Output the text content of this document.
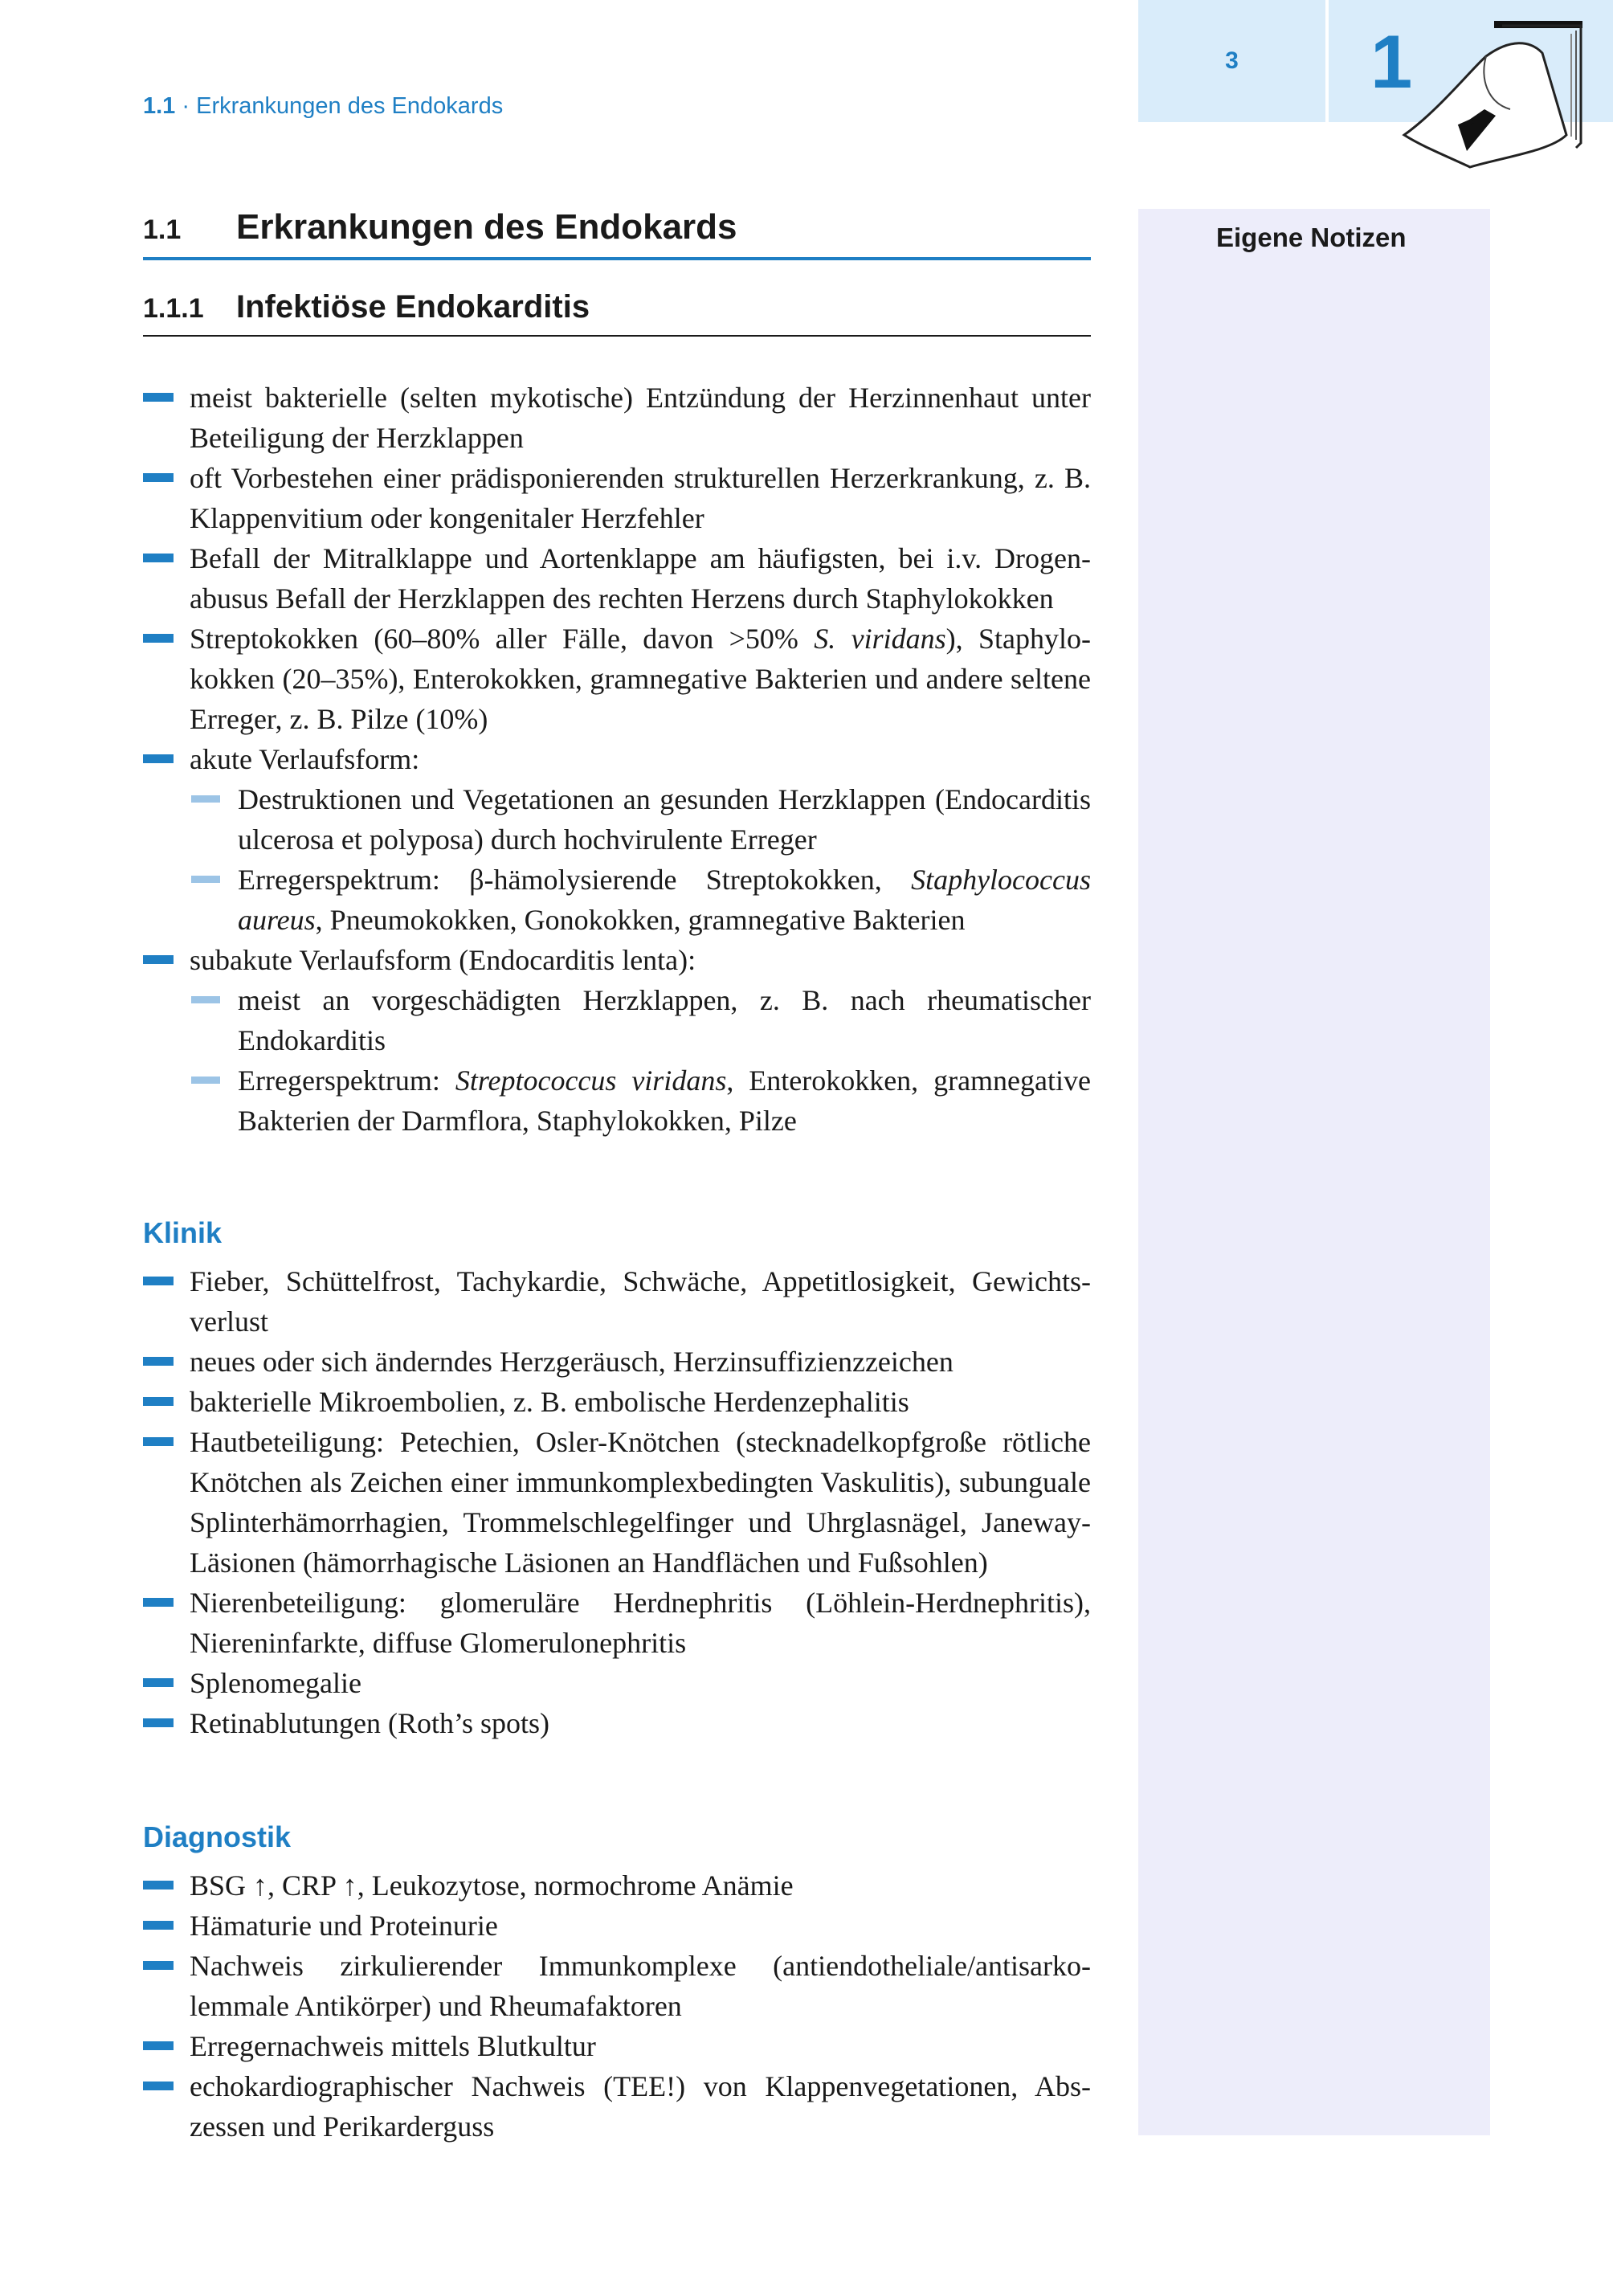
1.1 · Erkrankungen des Endokards
3 1
Eigene Notizen
1.1 Erkrankungen des Endokards
1.1.1 Infektiöse Endokarditis
meist bakterielle (selten mykotische) Entzündung der Herzinnenhaut unter Beteiligung der Herzklappen
oft Vorbestehen einer prädisponierenden strukturellen Herzerkrankung, z. B. Klappenvitium oder kongenitaler Herzfehler
Befall der Mitralklappe und Aortenklappe am häufigsten, bei i.v. Drogenabusus Befall der Herzklappen des rechten Herzens durch Staphylokokken
Streptokokken (60–80% aller Fälle, davon >50% S. viridans), Staphylokokken (20–35%), Enterokokken, gramnegative Bakterien und andere seltene Erreger, z. B. Pilze (10%)
akute Verlaufsform:
Destruktionen und Vegetationen an gesunden Herzklappen (Endocarditis ulcerosa et polyposa) durch hochvirulente Erreger
Erregerspektrum: β-hämolysierende Streptokokken, Staphylococcus aureus, Pneumokokken, Gonokokken, gramnegative Bakterien
subakute Verlaufsform (Endocarditis lenta):
meist an vorgeschädigten Herzklappen, z. B. nach rheumatischer Endokarditis
Erregerspektrum: Streptococcus viridans, Enterokokken, gramnegative Bakterien der Darmflora, Staphylokokken, Pilze
Klinik
Fieber, Schüttelfrost, Tachykardie, Schwäche, Appetitlosigkeit, Gewichtsverlust
neues oder sich änderndes Herzgeräusch, Herzinsuffizienzzeichen
bakterielle Mikroembolien, z. B. embolische Herdenzephalitis
Hautbeteiligung: Petechien, Osler-Knötchen (stecknadelkopfgroße rötliche Knötchen als Zeichen einer immunkomplexbedingten Vaskulitis), subunguale Splinterhämorrhagien, Trommelschlegelfinger und Uhrglasnägel, Janeway-Läsionen (hämorrhagische Läsionen an Handflächen und Fußsohlen)
Nierenbeteiligung: glomeruläre Herdnephritis (Löhlein-Herdnephritis), Niereninfarkte, diffuse Glomerulonephritis
Splenomegalie
Retinablutungen (Roth’s spots)
Diagnostik
BSG ↑, CRP ↑, Leukozytose, normochrome Anämie
Hämaturie und Proteinurie
Nachweis zirkulierender Immunkomplexe (antiendotheliale/antisarkolemmale Antikörper) und Rheumafaktoren
Erregernachweis mittels Blutkultur
echokardiographischer Nachweis (TEE!) von Klappenvegetationen, Abszessen und Perikarderguss
